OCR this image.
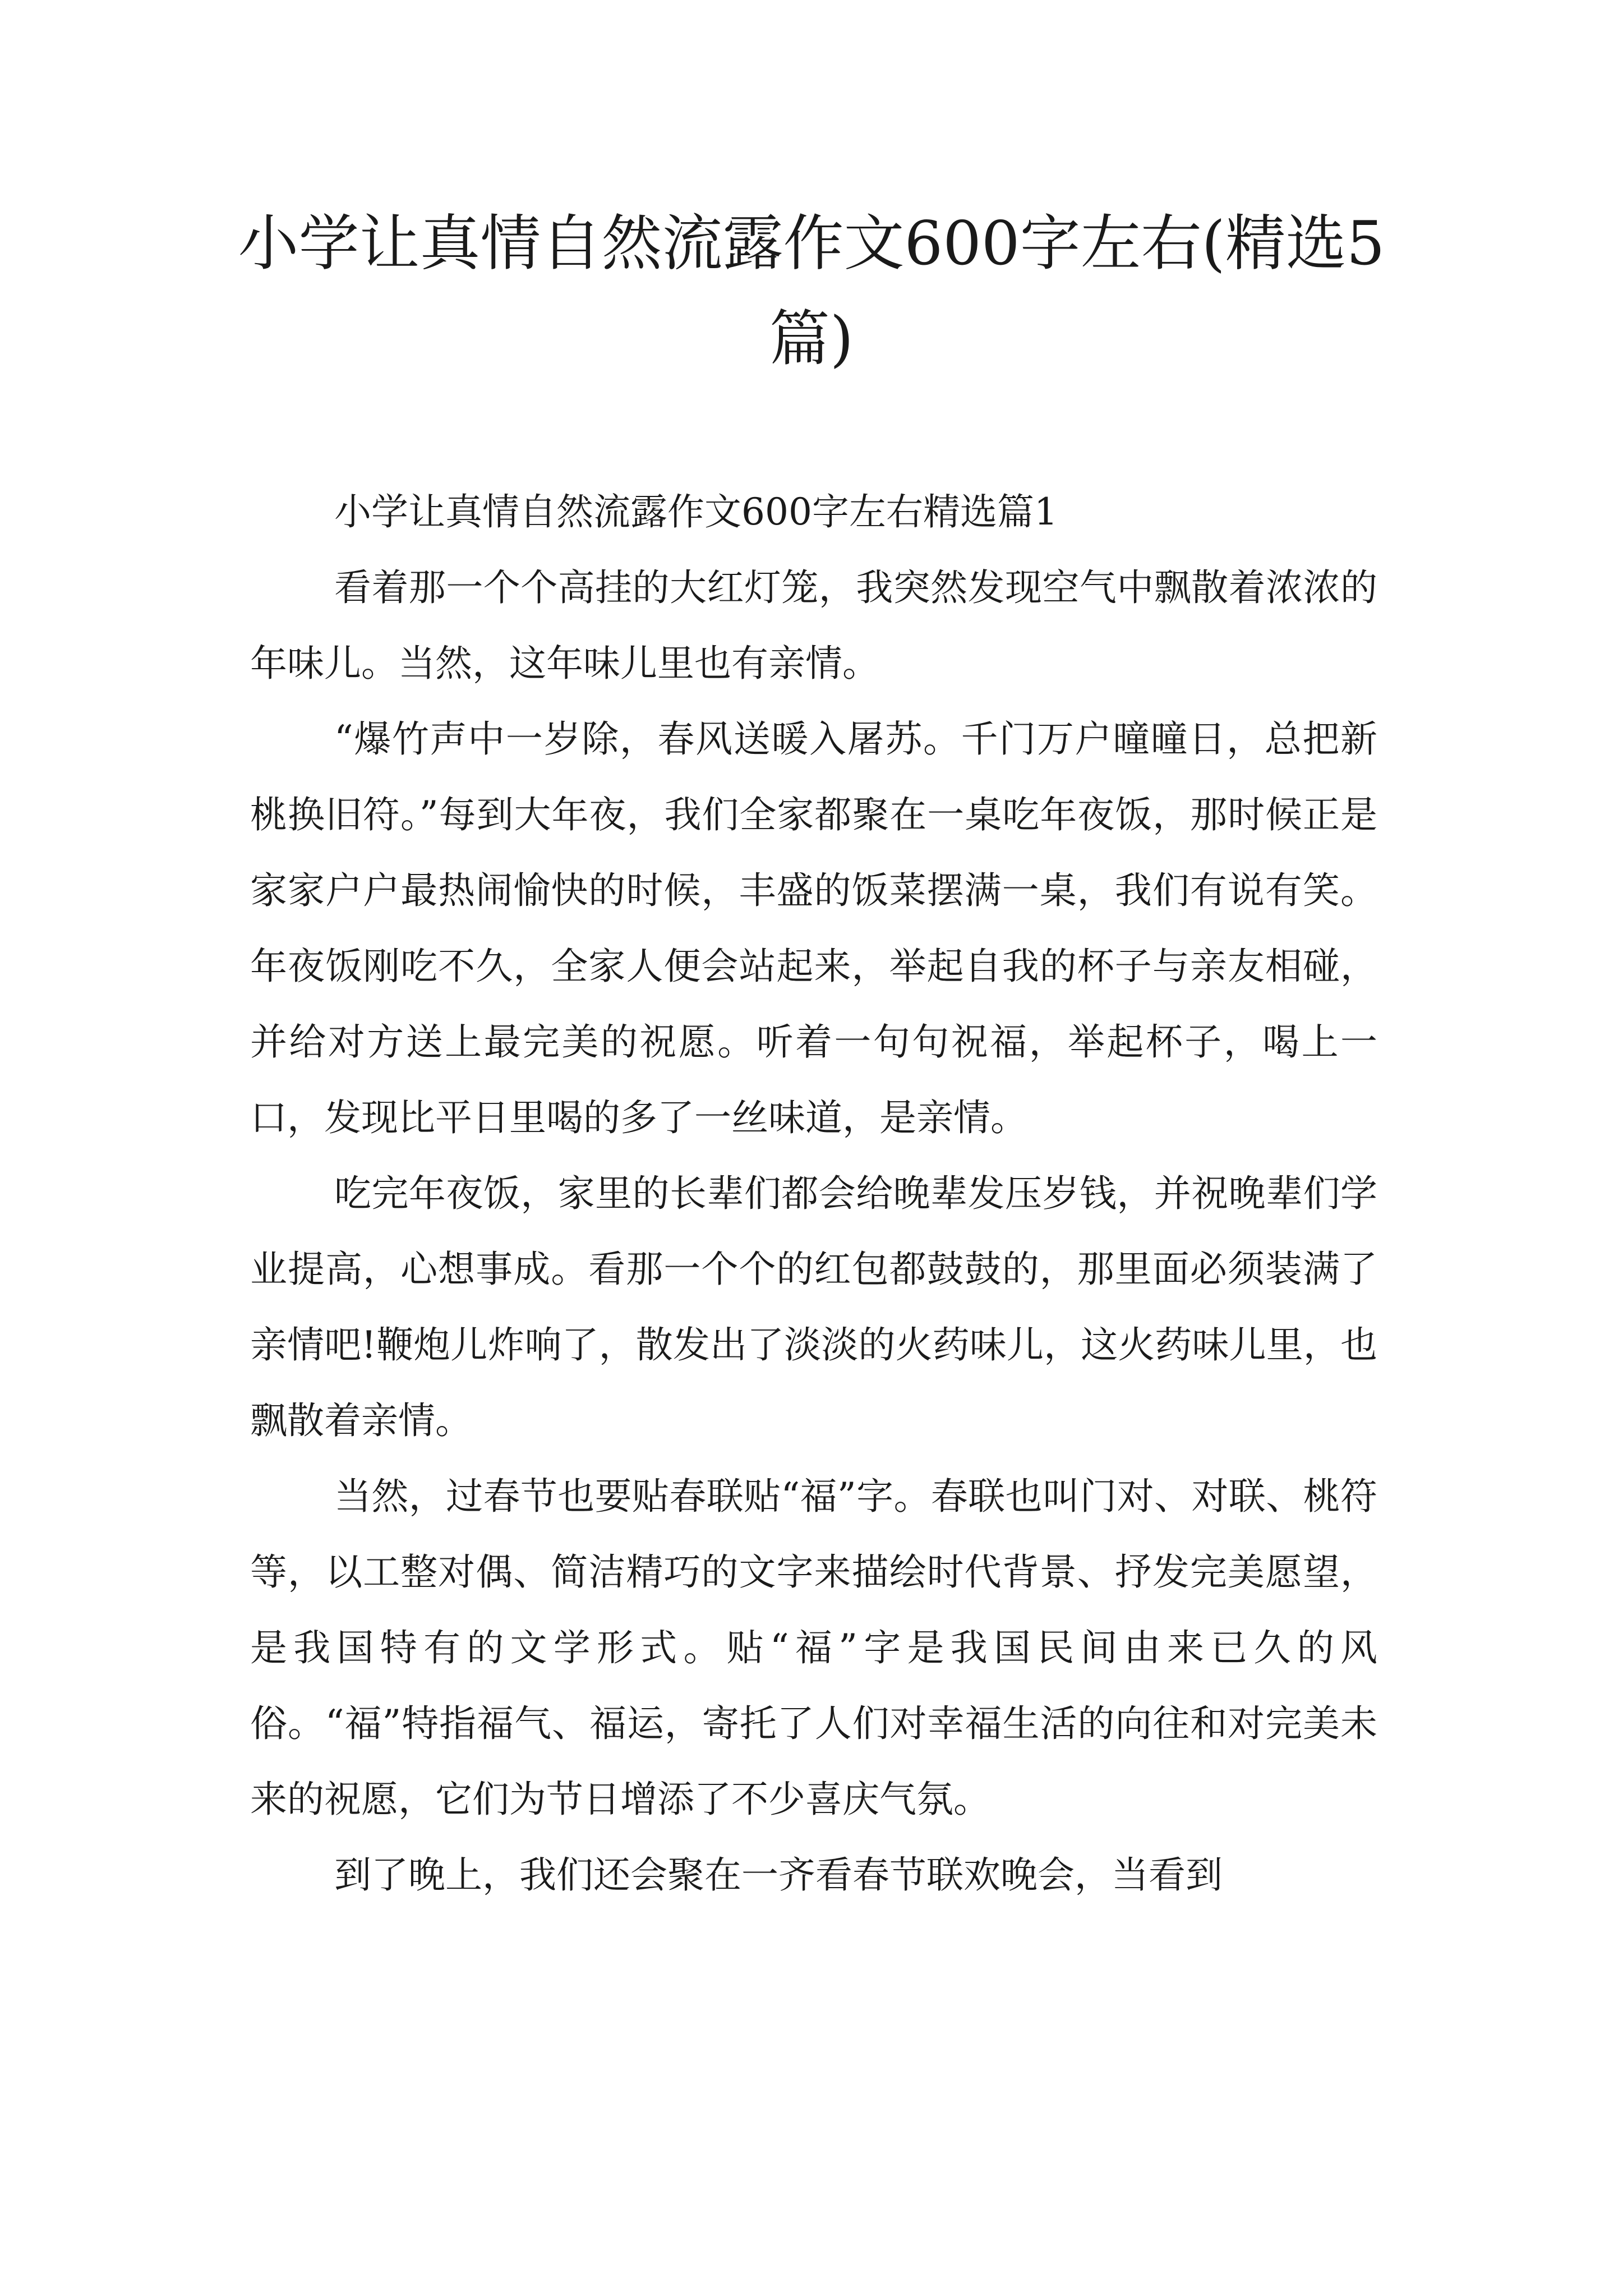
小学让真情自然流露作文600字左右(精选5篇)

小学让真情自然流露作文600字左右精选篇1

看着那一个个高挂的大红灯笼，我突然发现空气中飘散着浓浓的年味儿。当然，这年味儿里也有亲情。

“爆竹声中一岁除，春风送暖入屠苏。千门万户曈曈日，总把新桃换旧符。”每到大年夜，我们全家都聚在一桌吃年夜饭，那时候正是家家户户最热闹愉快的时候，丰盛的饭菜摆满一桌，我们有说有笑。年夜饭刚吃不久，全家人便会站起来，举起自我的杯子与亲友相碰，并给对方送上最完美的祝愿。听着一句句祝福，举起杯子，喝上一口，发现比平日里喝的多了一丝味道，是亲情。

吃完年夜饭，家里的长辈们都会给晚辈发压岁钱，并祝晚辈们学业提高，心想事成。看那一个个的红包都鼓鼓的，那里面必须装满了亲情吧!鞭炮儿炸响了，散发出了淡淡的火药味儿，这火药味儿里，也飘散着亲情。

当然，过春节也要贴春联贴“福”字。春联也叫门对、对联、桃符等，以工整对偶、简洁精巧的文字来描绘时代背景、抒发完美愿望，是我国特有的文学形式。贴“福”字是我国民间由来已久的风俗。“福”特指福气、福运，寄托了人们对幸福生活的向往和对完美未来的祝愿，它们为节日增添了不少喜庆气氛。

到了晚上，我们还会聚在一齐看春节联欢晚会，当看到
